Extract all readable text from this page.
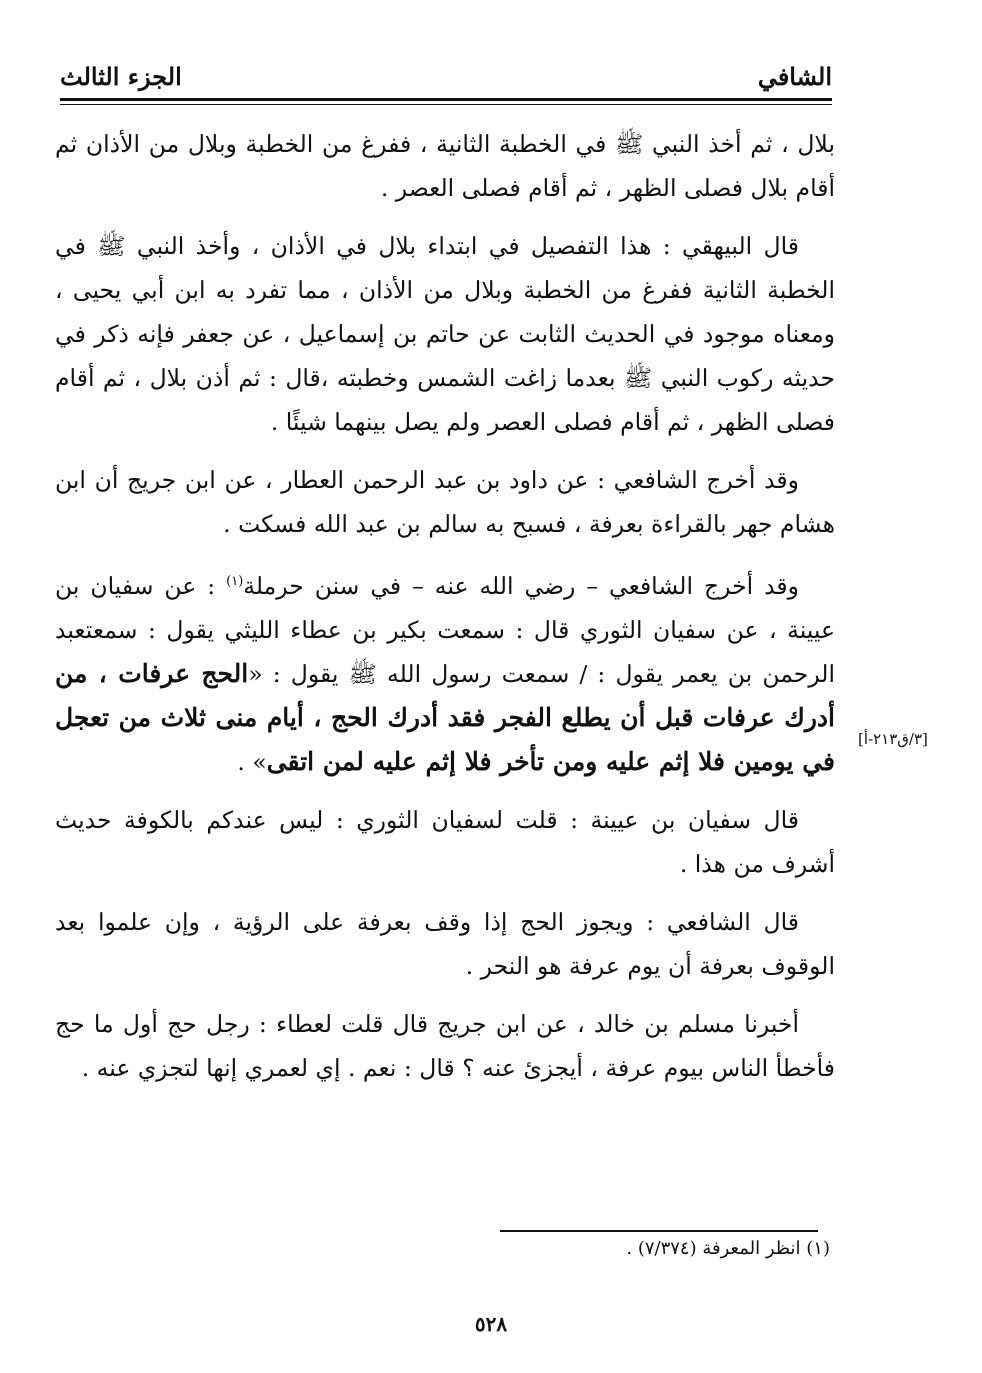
الشافي
الجزء الثالث

بلال ، ثم أخذ النبي ﷺ في الخطبة الثانية ، ففرغ من الخطبة وبلال من الأذان ثم أقام بلال فصلى الظهر ، ثم أقام فصلى العصر .

قال البيهقي : هذا التفصيل في ابتداء بلال في الأذان ، وأخذ النبي ﷺ في الخطبة الثانية ففرغ من الخطبة وبلال من الأذان ، مما تفرد به ابن أبي يحيى ، ومعناه موجود في الحديث الثابت عن حاتم بن إسماعيل ، عن جعفر فإنه ذكر في حديثه ركوب النبي ﷺ بعدما زاغت الشمس وخطبته ،قال : ثم أذن بلال ، ثم أقام فصلى الظهر ، ثم أقام فصلى العصر ولم يصل بينهما شيئًا .

وقد أخرج الشافعي : عن داود بن عبد الرحمن العطار ، عن ابن جريج أن ابن هشام جهر بالقراءة بعرفة ، فسبح به سالم بن عبد الله فسكت .

وقد أخرج الشافعي – رضي الله عنه – في سنن حرملة$^{(١)}$ : عن سفيان بن عيينة ، عن سفيان الثوري قال : سمعت بكير بن عطاء الليثي يقول : سمعتعبد الرحمن بن يعمر يقول : / سمعت رسول الله ﷺ يقول : «الحج عرفات ، من أدرك عرفات قبل أن يطلع الفجر فقد أدرك الحج ، أيام منى ثلاث من تعجل في يومين فلا إثم عليه ومن تأخر فلا إثم عليه لمن اتقى» .

قال سفيان بن عيينة : قلت لسفيان الثوري : ليس عندكم بالكوفة حديث أشرف من هذا .

قال الشافعي : ويجوز الحج إذا وقف بعرفة على الرؤية ، وإن علموا بعد الوقوف بعرفة أن يوم عرفة هو النحر .

أخبرنا مسلم بن خالد ، عن ابن جريج قال قلت لعطاء : رجل حج أول ما حج فأخطأ الناس بيوم عرفة ، أيجزئ عنه ؟ قال : نعم . إي لعمري إنها لتجزي عنه .

[٣/ق٢١٣-أ]
(١) انظر المعرفة (٧/٣٧٤) .
٥٢٨
